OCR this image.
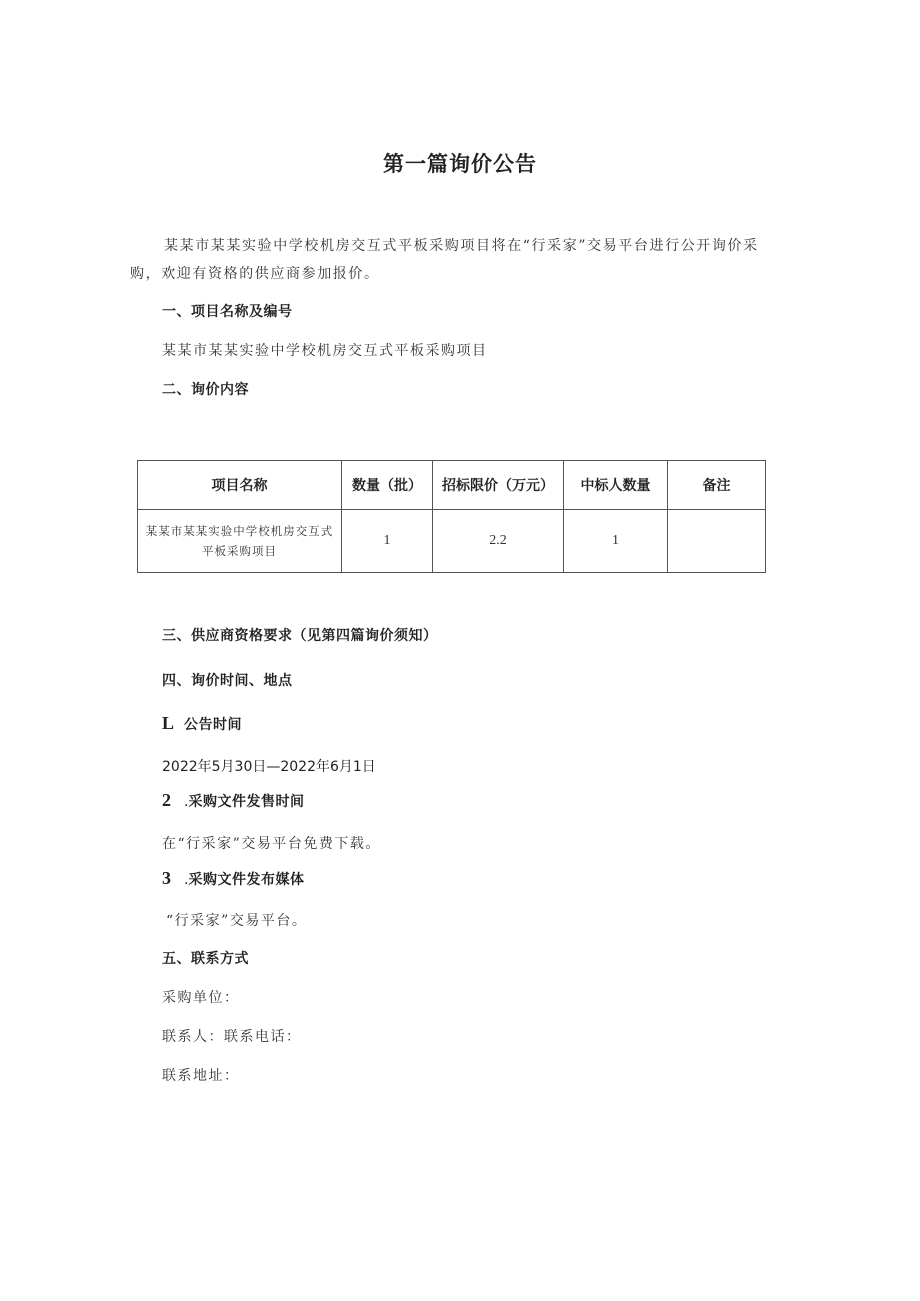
第一篇询价公告
某某市某某实验中学校机房交互式平板采购项目将在“行采家”交易平台进行公开询价采购，欢迎有资格的供应商参加报价。
一、项目名称及编号
某某市某某实验中学校机房交互式平板采购项目
二、询价内容
项目名称	数量（批）	招标限价（万元）	中标人数量	备注
某某市某某实验中学校机房交互式平板采购项目	1	2.2	1	
三、供应商资格要求（见第四篇询价须知）
四、询价时间、地点
L 公告时间
2022年5月30日—2022年6月1日
2 .采购文件发售时间
在“行采家”交易平台免费下载。
3 .采购文件发布媒体
“行采家”交易平台。
五、联系方式
采购单位：
联系人：联系电话：
联系地址：
